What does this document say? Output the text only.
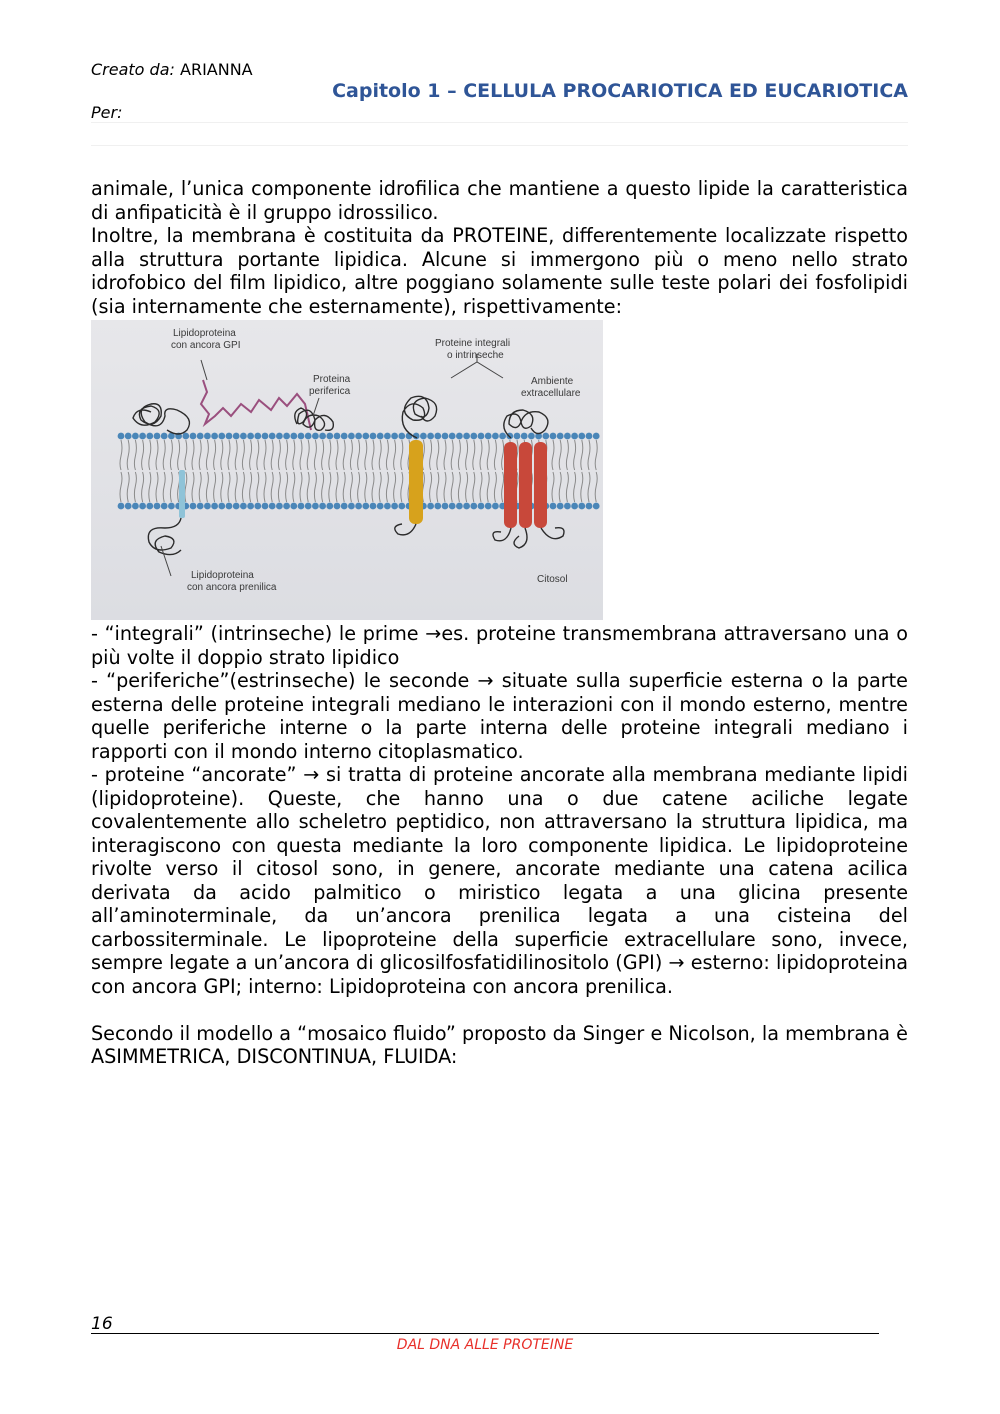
Creato da: ARIANNA
Capitolo 1 – CELLULA PROCARIOTICA ED EUCARIOTICA
Per:

animale, l’unica componente idrofilica che mantiene a questo lipide la caratteristica di anfipaticità è il gruppo idrossilico.

Inoltre, la membrana è costituita da PROTEINE, differentemente localizzate rispetto alla struttura portante lipidica. Alcune si immergono più o meno nello strato idrofobico del film lipidico, altre poggiano solamente sulle teste polari dei fosfolipidi (sia internamente che esternamente), rispettivamente:

Lipidoproteina
con ancora GPI
Proteina
periferica
Proteine integrali
o intrinseche
Ambiente
extracellulare
Lipidoproteina
con ancora prenilica
Citosol

- “integrali” (intrinseche) le prime →es. proteine transmembrana attraversano una o più volte il doppio strato lipidico

- “periferiche”(estrinseche) le seconde → situate sulla superficie esterna o la parte esterna delle proteine integrali mediano le interazioni con il mondo esterno, mentre quelle periferiche interne o la parte interna delle proteine integrali mediano i rapporti con il mondo interno citoplasmatico.

- proteine “ancorate” → si tratta di proteine ancorate alla membrana mediante lipidi (lipidoproteine). Queste, che hanno una o due catene aciliche legate covalentemente allo scheletro peptidico, non attraversano la struttura lipidica, ma interagiscono con questa mediante la loro componente lipidica. Le lipidoproteine rivolte verso il citosol sono, in genere, ancorate mediante una catena acilica derivata da acido palmitico o miristico legata a una glicina presente all’aminoterminale, da un’ancora prenilica legata a una cisteina del carbossiterminale. Le lipoproteine della superficie extracellulare sono, invece, sempre legate a un’ancora di glicosilfosfatidilinositolo (GPI) → esterno: lipidoproteina con ancora GPI; interno: Lipidoproteina con ancora prenilica.

Secondo il modello a “mosaico fluido” proposto da Singer e Nicolson, la membrana è ASIMMETRICA, DISCONTINUA, FLUIDA:

16
DAL DNA ALLE PROTEINE
